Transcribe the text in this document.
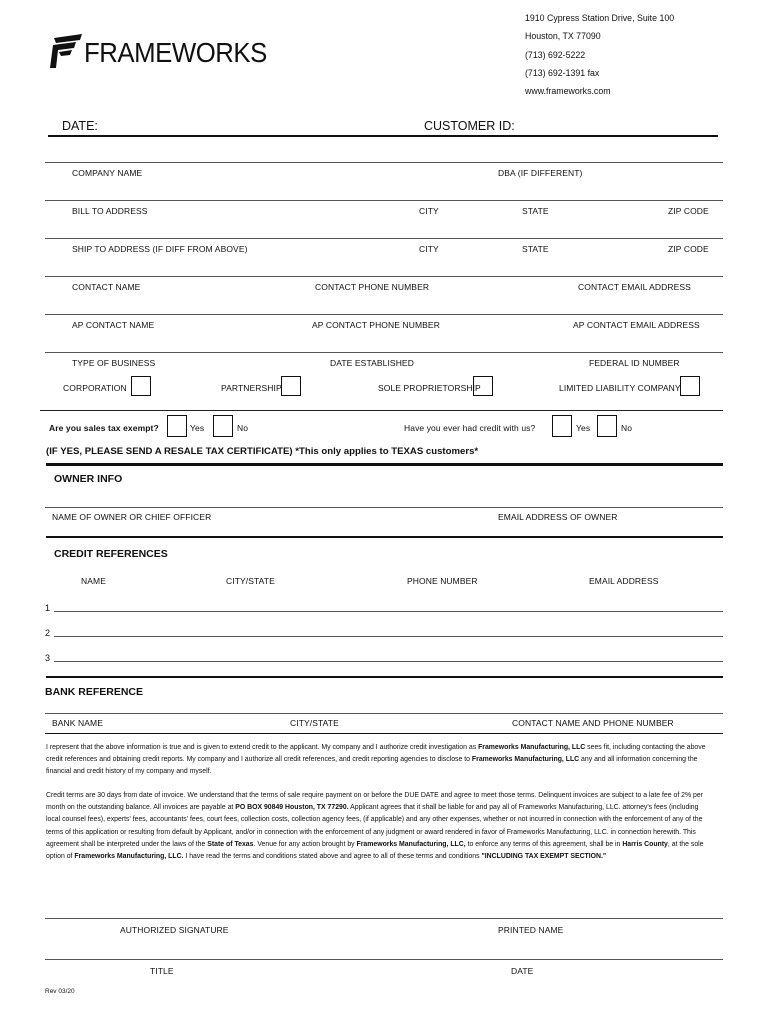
FRAMEWORKS
1910 Cypress Station Drive, Suite 100
Houston, TX 77090
(713) 692-5222
(713) 692-1391 fax
www.frameworks.com
DATE:	CUSTOMER ID:
COMPANY NAME	DBA (IF DIFFERENT)
BILL TO ADDRESS	CITY	STATE	ZIP CODE
SHIP TO ADDRESS (IF DIFF FROM ABOVE)	CITY	STATE	ZIP CODE
CONTACT NAME	CONTACT PHONE NUMBER	CONTACT EMAIL ADDRESS
AP CONTACT NAME	AP CONTACT PHONE NUMBER	AP CONTACT EMAIL ADDRESS
TYPE OF BUSINESS	DATE ESTABLISHED	FEDERAL ID NUMBER
CORPORATION	PARTNERSHIP	SOLE PROPRIETORSHIP	LIMITED LIABILITY COMPANY
Are you sales tax exempt?	Yes	No	Have you ever had credit with us?	Yes	No
(IF YES, PLEASE SEND A RESALE TAX CERTIFICATE) *This only applies to TEXAS customers*
OWNER INFO
NAME OF OWNER OR CHIEF OFFICER	EMAIL ADDRESS OF OWNER
CREDIT REFERENCES
NAME	CITY/STATE	PHONE NUMBER	EMAIL ADDRESS
1
2
3
BANK REFERENCE
BANK NAME	CITY/STATE	CONTACT NAME AND PHONE NUMBER
I represent that the above information is true and is given to extend credit to the applicant. My company and I authorize credit investigation as Frameworks Manufacturing, LLC sees fit, including contacting the above credit references and obtaining credit reports. My company and I authorize all credit references, and credit reporting agencies to disclose to Frameworks Manufacturing, LLC any and all information concerning the financial and credit history of my company and myself.
Credit terms are 30 days from date of invoice. We understand that the terms of sale require payment on or before the DUE DATE and agree to meet those terms. Delinquent invoices are subject to a late fee of 2% per month on the outstanding balance. All invoices are payable at PO BOX 90849 Houston, TX 77290. Applicant agrees that it shall be liable for and pay all of Frameworks Manufacturing, LLC. attorney's fees (including local counsel fees), experts' fees, accountants' fees, court fees, collection costs, collection agency fees, (if applicable) and any other expenses, whether or not incurred in connection with the enforcement of any of the terms of this application or resulting from default by Applicant, and/or in connection with the enforcement of any judgment or award rendered in favor of Frameworks Manufacturing, LLC. in connection herewith. This agreement shall be interpreted under the laws of the State of Texas. Venue for any action brought by Frameworks Manufacturing, LLC, to enforce any terms of this agreement, shall be in Harris County, at the sole option of Frameworks Manufacturing, LLC. I have read the terms and conditions stated above and agree to all of these terms and conditions "INCLUDING TAX EXEMPT SECTION."
AUTHORIZED SIGNATURE	PRINTED NAME
TITLE	DATE
Rev 03/20
